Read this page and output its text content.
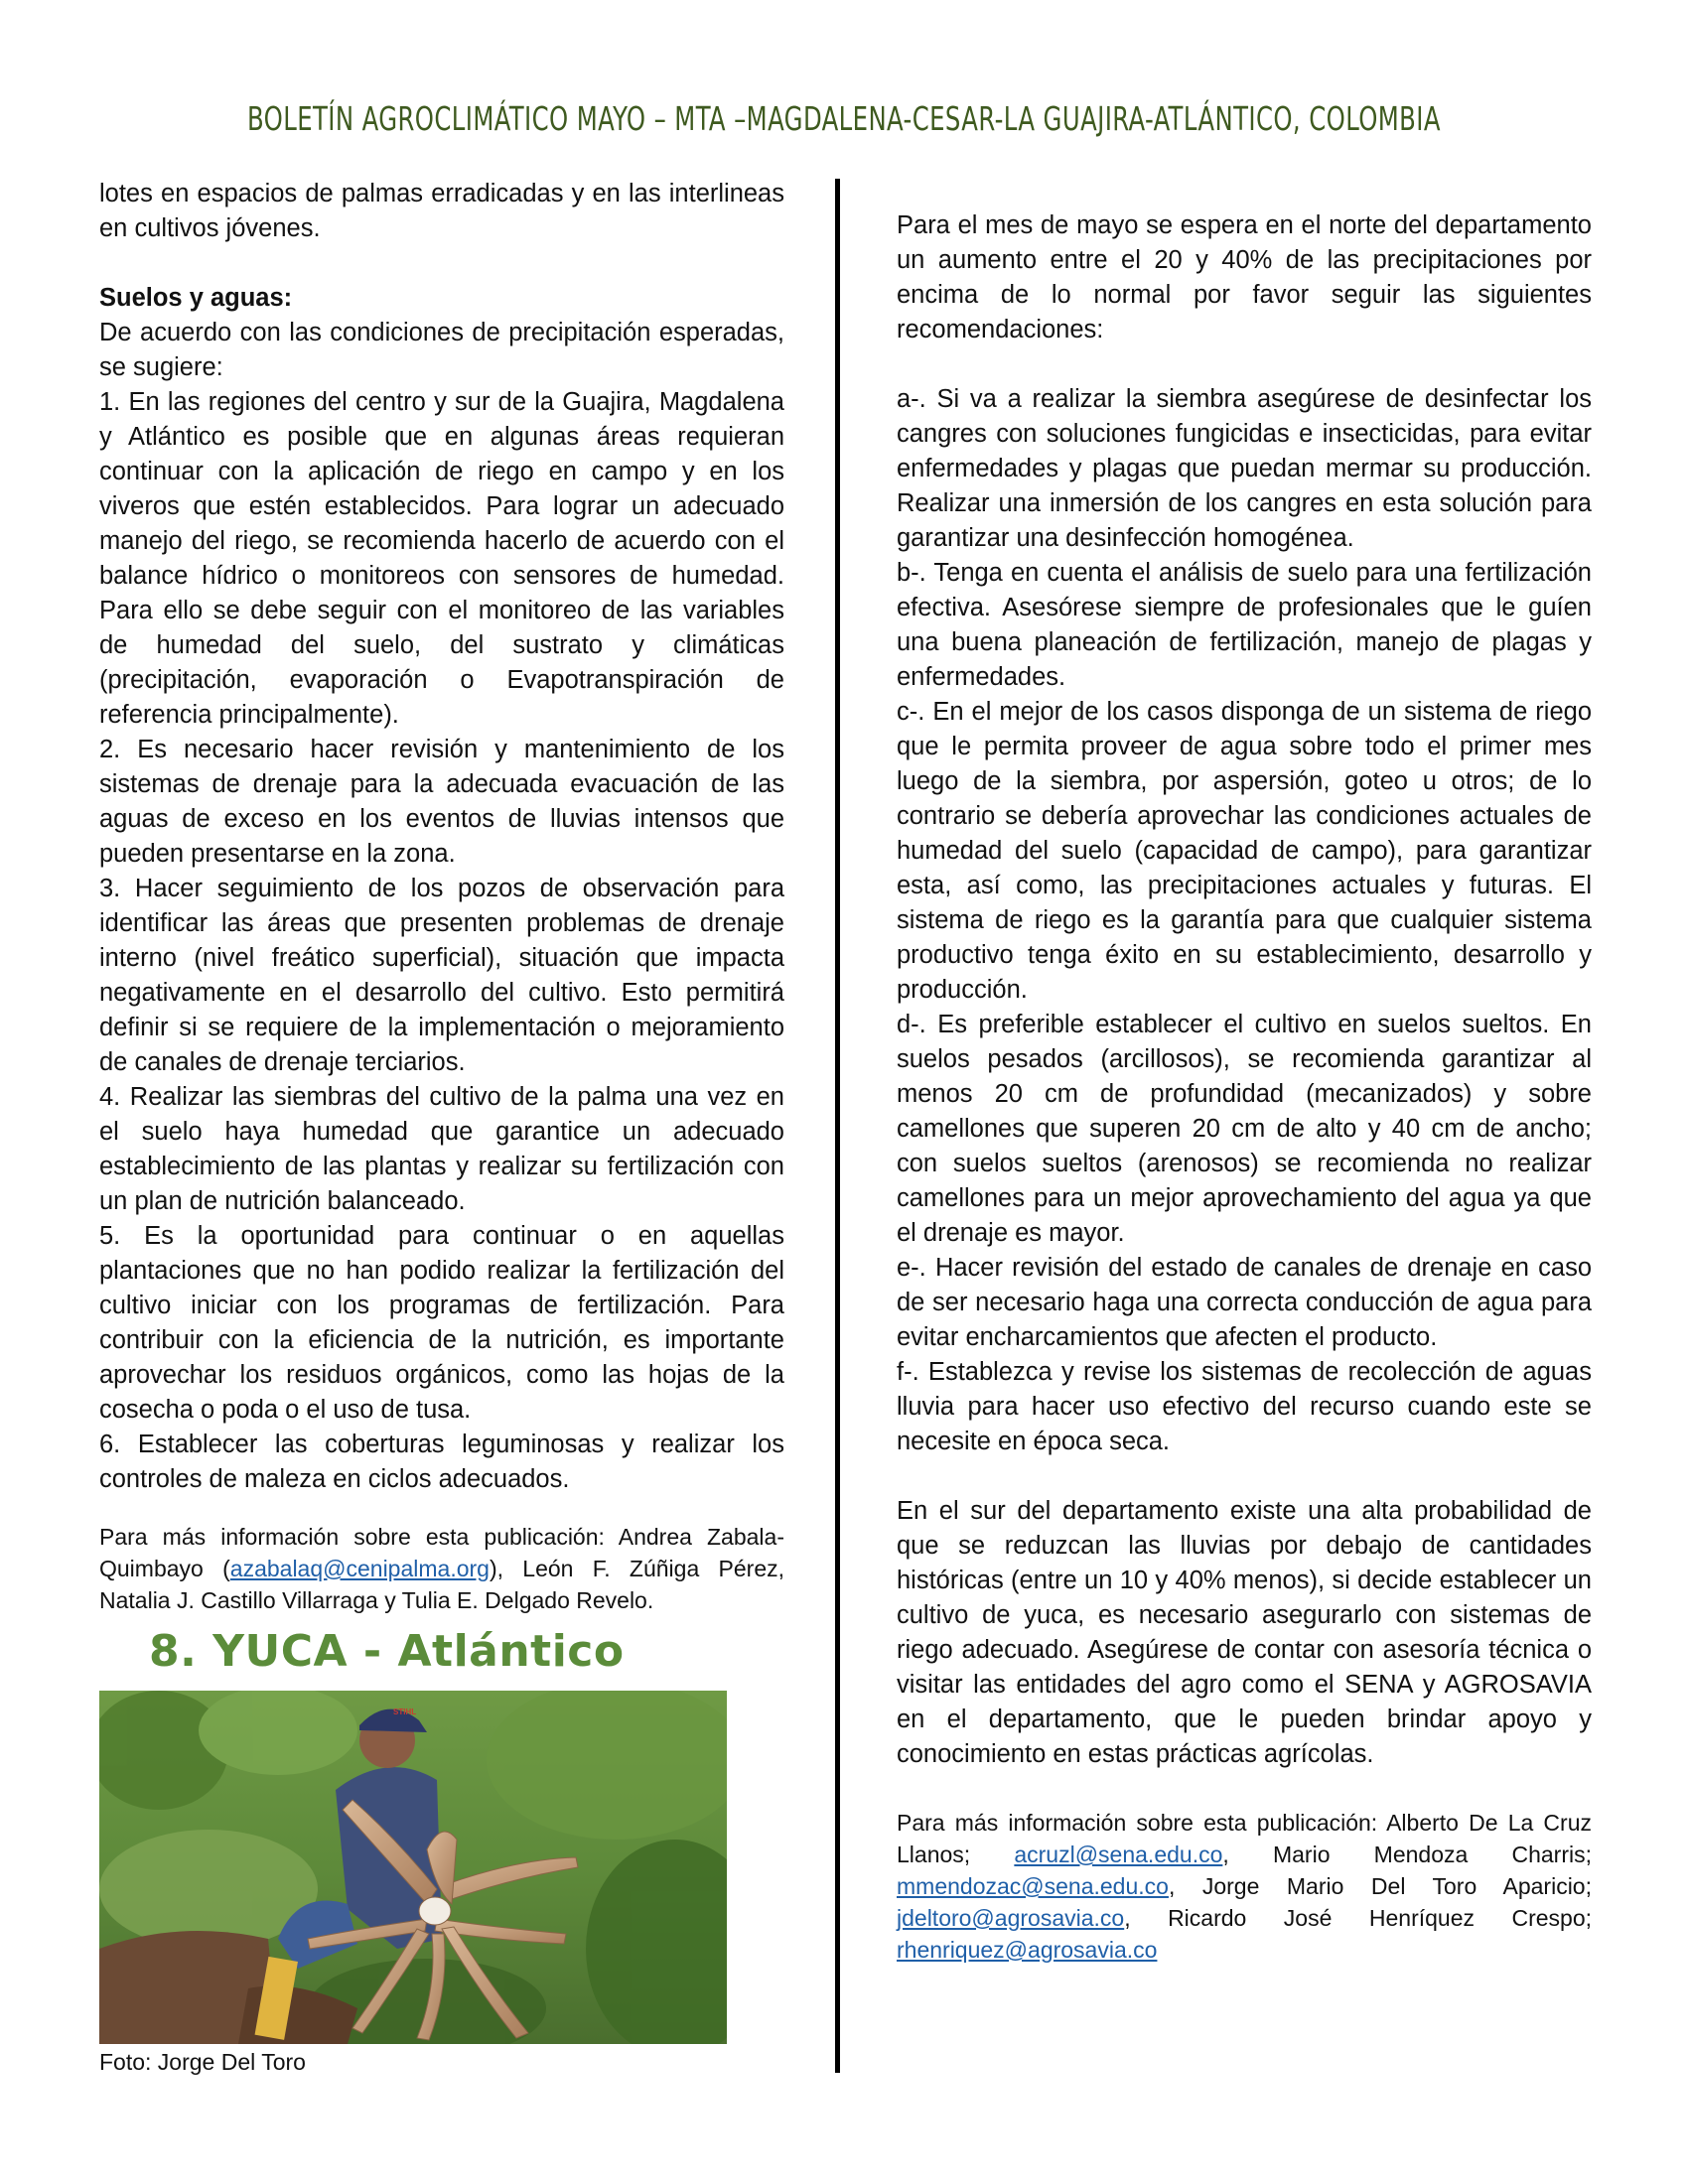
BOLETÍN AGROCLIMÁTICO MAYO – MTA –MAGDALENA-CESAR-LA GUAJIRA-ATLÁNTICO, COLOMBIA

lotes en espacios de palmas erradicadas y en las interlineas en cultivos jóvenes.

Suelos y aguas:

De acuerdo con las condiciones de precipitación esperadas, se sugiere:

1. En las regiones del centro y sur de la Guajira, Magdalena y Atlántico es posible que en algunas áreas requieran continuar con la aplicación de riego en campo y en los viveros que estén establecidos. Para lograr un adecuado manejo del riego, se recomienda hacerlo de acuerdo con el balance hídrico o monitoreos con sensores de humedad. Para ello se debe seguir con el monitoreo de las variables de humedad del suelo, del sustrato y climáticas (precipitación, evaporación o Evapotranspiración de referencia principalmente).

2. Es necesario hacer revisión y mantenimiento de los sistemas de drenaje para la adecuada evacuación de las aguas de exceso en los eventos de lluvias intensos que pueden presentarse en la zona.

3. Hacer seguimiento de los pozos de observación para identificar las áreas que presenten problemas de drenaje interno (nivel freático superficial), situación que impacta negativamente en el desarrollo del cultivo. Esto permitirá definir si se requiere de la implementación o mejoramiento de canales de drenaje terciarios.

4. Realizar las siembras del cultivo de la palma una vez en el suelo haya humedad que garantice un adecuado establecimiento de las plantas y realizar su fertilización con un plan de nutrición balanceado.

5. Es la oportunidad para continuar o en aquellas plantaciones que no han podido realizar la fertilización del cultivo iniciar con los programas de fertilización. Para contribuir con la eficiencia de la nutrición, es importante aprovechar los residuos orgánicos, como las hojas de la cosecha o poda o el uso de tusa.

6. Establecer las coberturas leguminosas y realizar los controles de maleza en ciclos adecuados.

Para más información sobre esta publicación: Andrea Zabala-Quimbayo (azabalaq@cenipalma.org), León F. Zúñiga Pérez, Natalia J. Castillo Villarraga y Tulia E. Delgado Revelo.

8. YUCA - Atlántico
STIHL
Foto: Jorge Del Toro

Para el mes de mayo se espera en el norte del departamento un aumento entre el 20 y 40% de las precipitaciones por encima de lo normal por favor seguir las siguientes recomendaciones:

a-. Si va a realizar la siembra asegúrese de desinfectar los cangres con soluciones fungicidas e insecticidas, para evitar enfermedades y plagas que puedan mermar su producción. Realizar una inmersión de los cangres en esta solución para garantizar una desinfección homogénea.

b-. Tenga en cuenta el análisis de suelo para una fertilización efectiva. Asesórese siempre de profesionales que le guíen una buena planeación de fertilización, manejo de plagas y enfermedades.

c-. En el mejor de los casos disponga de un sistema de riego que le permita proveer de agua sobre todo el primer mes luego de la siembra, por aspersión, goteo u otros; de lo contrario se debería aprovechar las condiciones actuales de humedad del suelo (capacidad de campo), para garantizar esta, así como, las precipitaciones actuales y futuras. El sistema de riego es la garantía para que cualquier sistema productivo tenga éxito en su establecimiento, desarrollo y producción.

d-. Es preferible establecer el cultivo en suelos sueltos. En suelos pesados (arcillosos), se recomienda garantizar al menos 20 cm de profundidad (mecanizados) y sobre camellones que superen 20 cm de alto y 40 cm de ancho; con suelos sueltos (arenosos) se recomienda no realizar camellones para un mejor aprovechamiento del agua ya que el drenaje es mayor.

e-. Hacer revisión del estado de canales de drenaje en caso de ser necesario haga una correcta conducción de agua para evitar encharcamientos que afecten el producto.

f-. Establezca y revise los sistemas de recolección de aguas lluvia para hacer uso efectivo del recurso cuando este se necesite en época seca.

En el sur del departamento existe una alta probabilidad de que se reduzcan las lluvias por debajo de cantidades históricas (entre un 10 y 40% menos), si decide establecer un cultivo de yuca, es necesario asegurarlo con sistemas de riego adecuado. Asegúrese de contar con asesoría técnica o visitar las entidades del agro como el SENA y AGROSAVIA en el departamento, que le pueden brindar apoyo y conocimiento en estas prácticas agrícolas.

Para más información sobre esta publicación: Alberto De La Cruz Llanos; acruzl@sena.edu.co, Mario Mendoza Charris; mmendozac@sena.edu.co, Jorge Mario Del Toro Aparicio; jdeltoro@agrosavia.co, Ricardo José Henríquez Crespo; rhenriquez@agrosavia.co
